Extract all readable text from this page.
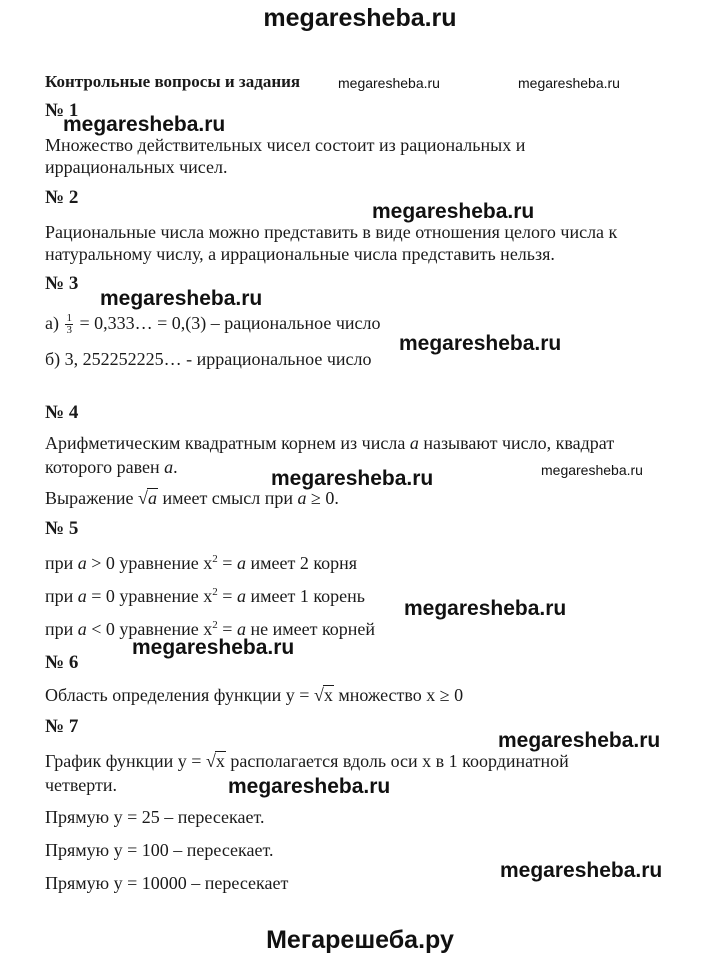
megaresheba.ru
Мегарешеба.ру
Контрольные вопросы и задания	megaresheba.ru	megaresheba.ru
№ 1
megaresheba.ru
Множество действительных чисел состоит из рациональных и иррациональных чисел.
№ 2
megaresheba.ru
Рациональные числа можно представить в виде отношения целого числа к натуральному числу, а иррациональные числа представить нельзя.
№ 3
megaresheba.ru
$а) \frac{1}{3}$ = 0,333… = 0,(3) – рациональное число
б) 3, 252252225… - иррациональное число
megaresheba.ru
№ 4
Арифметическим квадратным корнем из числа a называют число, квадрат
которого равен a.	megaresheba.ru	megaresheba.ru
Выражение √a имеет смысл при a ≥ 0.
№ 5
при a > 0 уравнение $x^2 = a$ имеет 2 корня
при a = 0 уравнение $x^2 = a$ имеет 1 корень
megaresheba.ru
при a < 0 уравнение $x^2 = a$ не имеет корней
megaresheba.ru
№ 6
Область определения функции y = √x множество x ≥ 0
№ 7
megaresheba.ru
График функции y = √x располагается вдоль оси x в 1 координатной
четверти.	megaresheba.ru
Прямую y = 25 – пересекает.
Прямую y = 100 – пересекает.
Прямую y = 10000 – пересекает
megaresheba.ru
